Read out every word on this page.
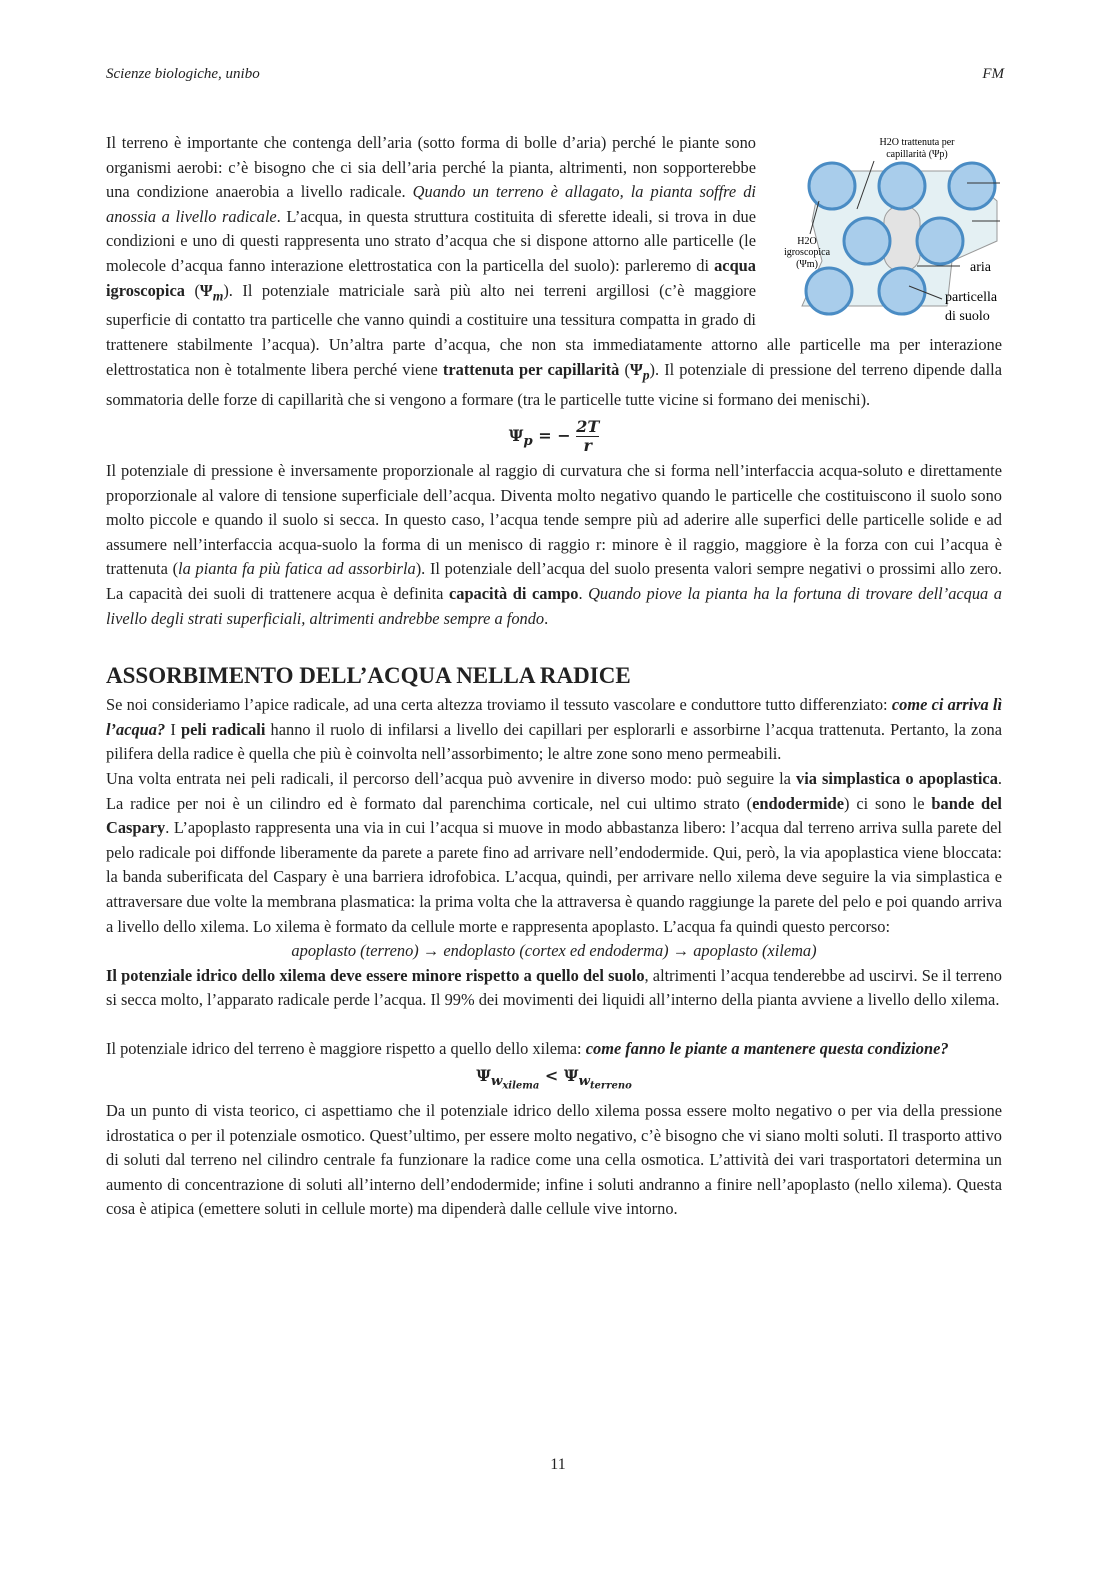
Scienze biologiche, unibo	FM
H2O trattenuta per
capillarità (Ψp)
H2O
igroscopica
(Ψm)	aria
particella
di suolo

Il terreno è importante che contenga dell’aria (sotto forma di bolle d’aria) perché le piante sono organismi aerobi: c’è bisogno che ci sia dell’aria perché la pianta, altrimenti, non sopporterebbe una condizione anaerobia a livello radicale. Quando un terreno è allagato, la pianta soffre di anossia a livello radicale. L’acqua, in questa struttura costituita di sferette ideali, si trova in due condizioni e uno di questi rappresenta uno strato d’acqua che si dispone attorno alle particelle (le molecole d’acqua fanno interazione elettrostatica con la particella del suolo): parleremo di acqua igroscopica $(\Psi_m)$. Il potenziale matriciale sarà più alto nei terreni argillosi (c’è maggiore superficie di contatto tra particelle che vanno quindi a costituire una tessitura compatta in grado di trattenere stabilmente l’acqua). Un’altra parte d’acqua, che non sta immediatamente attorno alle particelle ma per interazione elettrostatica non è totalmente libera perché viene trattenuta per capillarità $(\Psi_p)$. Il potenziale di pressione del terreno dipende dalla sommatoria delle forze di capillarità che si vengono a formare (tra le particelle tutte vicine si formano dei menischi).

$\Psi_p$ = − $\frac{2T}{r}$

Il potenziale di pressione è inversamente proporzionale al raggio di curvatura che si forma nell’interfaccia acqua-soluto e direttamente proporzionale al valore di tensione superficiale dell’acqua. Diventa molto negativo quando le particelle che costituiscono il suolo sono molto piccole e quando il suolo si secca. In questo caso, l’acqua tende sempre più ad aderire alle superfici delle particelle solide e ad assumere nell’interfaccia acqua-suolo la forma di un menisco di raggio r: minore è il raggio, maggiore è la forza con cui l’acqua è trattenuta (la pianta fa più fatica ad assorbirla). Il potenziale dell’acqua del suolo presenta valori sempre negativi o prossimi allo zero. La capacità dei suoli di trattenere acqua è definita capacità di campo. Quando piove la pianta ha la fortuna di trovare dell’acqua a livello degli strati superficiali, altrimenti andrebbe sempre a fondo.

ASSORBIMENTO DELL’ACQUA NELLA RADICE

Se noi consideriamo l’apice radicale, ad una certa altezza troviamo il tessuto vascolare e conduttore tutto differenziato: come ci arriva lì l’acqua? I peli radicali hanno il ruolo di infilarsi a livello dei capillari per esplorarli e assorbirne l’acqua trattenuta. Pertanto, la zona pilifera della radice è quella che più è coinvolta nell’assorbimento; le altre zone sono meno permeabili.

Una volta entrata nei peli radicali, il percorso dell’acqua può avvenire in diverso modo: può seguire la via simplastica o apoplastica. La radice per noi è un cilindro ed è formato dal parenchima corticale, nel cui ultimo strato (endodermide) ci sono le bande del Caspary. L’apoplasto rappresenta una via in cui l’acqua si muove in modo abbastanza libero: l’acqua dal terreno arriva sulla parete del pelo radicale poi diffonde liberamente da parete a parete fino ad arrivare nell’endodermide. Qui, però, la via apoplastica viene bloccata: la banda suberificata del Caspary è una barriera idrofobica. L’acqua, quindi, per arrivare nello xilema deve seguire la via simplastica e attraversare due volte la membrana plasmatica: la prima volta che la attraversa è quando raggiunge la parete del pelo e poi quando arriva a livello dello xilema. Lo xilema è formato da cellule morte e rappresenta apoplasto. L’acqua fa quindi questo percorso:

apoplasto (terreno) → endoplasto (cortex ed endoderma) → apoplasto (xilema)

Il potenziale idrico dello xilema deve essere minore rispetto a quello del suolo, altrimenti l’acqua tenderebbe ad uscirvi. Se il terreno si secca molto, l’apparato radicale perde l’acqua. Il 99% dei movimenti dei liquidi all’interno della pianta avviene a livello dello xilema.

Il potenziale idrico del terreno è maggiore rispetto a quello dello xilema: come fanno le piante a mantenere questa condizione?

$\Psi_{w_{xilema}} < \Psi_{w_{terreno}}$

Da un punto di vista teorico, ci aspettiamo che il potenziale idrico dello xilema possa essere molto negativo o per via della pressione idrostatica o per il potenziale osmotico. Quest’ultimo, per essere molto negativo, c’è bisogno che vi siano molti soluti. Il trasporto attivo di soluti dal terreno nel cilindro centrale fa funzionare la radice come una cella osmotica. L’attività dei vari trasportatori determina un aumento di concentrazione di soluti all’interno dell’endodermide; infine i soluti andranno a finire nell’apoplasto (nello xilema). Questa cosa è atipica (emettere soluti in cellule morte) ma dipenderà dalle cellule vive intorno.

11
